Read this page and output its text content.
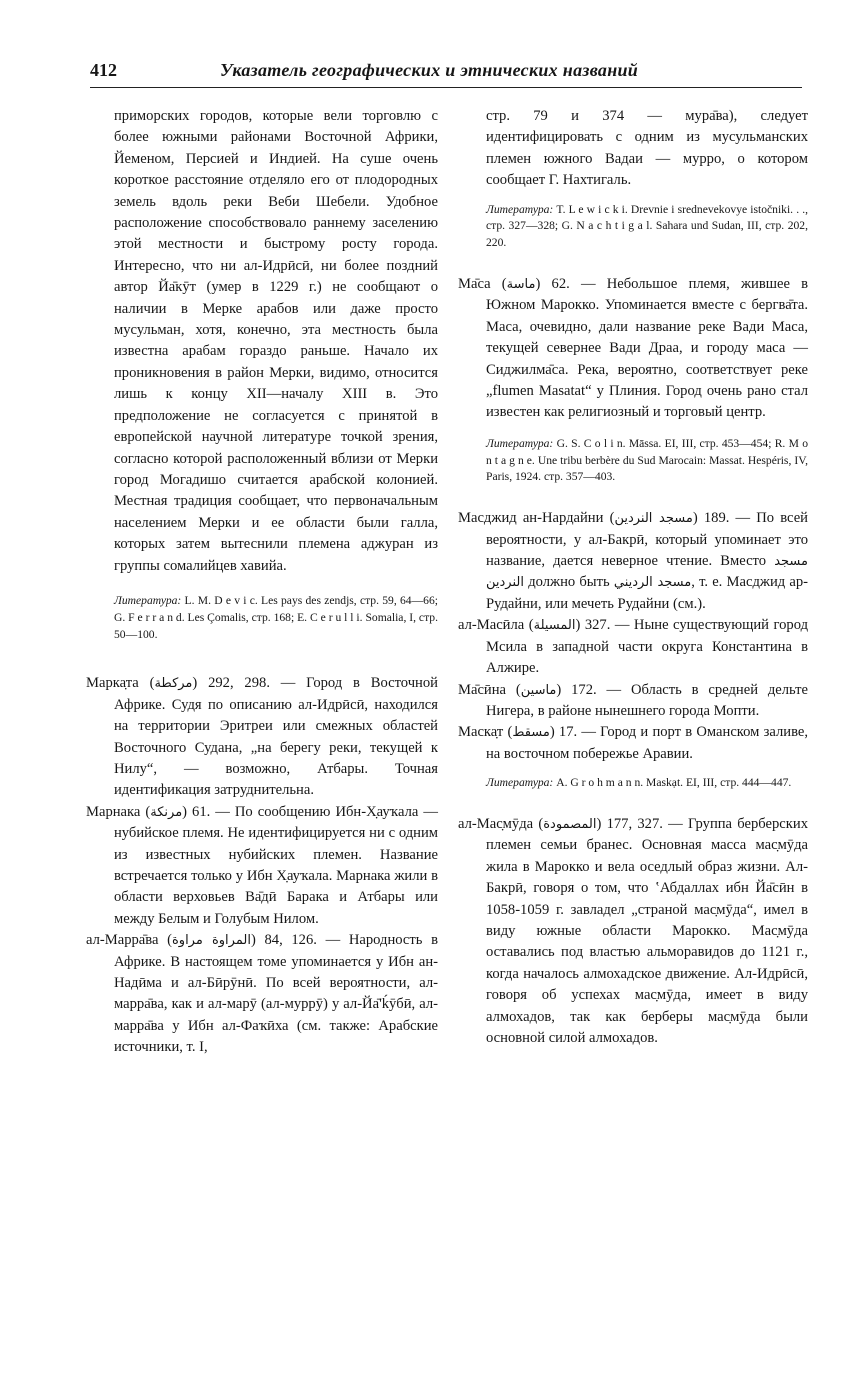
412	Указатель географических и этнических названий

приморских городов, которые вели торговлю с более южными районами Восточной Африки, Йеменом, Персией и Индией. На суше очень короткое расстояние отделяло его от плодородных земель вдоль реки Веби Шебели. Удобное расположение способствовало раннему заселению этой местности и быстрому росту города. Интересно, что ни ал-Идрӣсӣ, ни более поздний автор Йа̄кӯт (умер в 1229 г.) не сообщают о наличии в Мерке арабов или даже просто мусульман, хотя, конечно, эта местность была известна арабам гораздо раньше. Начало их проникновения в район Мерки, видимо, относится лишь к концу XII—началу XIII в. Это предположение не согласуется с принятой в европейской научной литературе точкой зрения, согласно которой расположенный вблизи от Мерки город Могадишо считается арабской колонией. Местная традиция сообщает, что первоначальным населением Мерки и ее области были галла, которых затем вытеснили племена аджуран из группы сомалийцев хавийа.

Литература: L. M. D e v i c. Les pays des zendjs, стр. 59, 64—66; G. F e r r a n d. Les Çomalis, стр. 168; E. C e r u l l i. Somalia, I, стр. 50—100.

Марка̣та (مركطة) 292, 298. — Город в Восточной Африке. Судя по описанию ал-Идрӣсӣ, находился на территории Эритреи или смежных областей Восточного Судана, „на берегу реки, текущей к Нилу“, — возможно, Атбары. Точная идентификация затруднительна.

Марнака (مرنكة) 61. — По сообщению Ибн-Х̣ауҡала — нубийское племя. Не идентифицируется ни с одним из известных нубийских племен. Название встречается только у Ибн Х̣ауҡала. Марнака жили в области верховьев Ва̄дӣ Барака и Атбары или между Белым и Голубым Нилом.

ал-Марра̄ва (المراوة مراوة) 84, 126. — Народность в Африке. В настоящем томе упоминается у Ибн ан-Надӣма и ал-Бӣрӯнӣ. По всей вероятности, ал-марра̄ва, как и ал-марӯ (ал-муррӯ) у ал-Йа̄'ḱӯбӣ, ал-марра̄ва у Ибн ал-Фаҡӣха (см. также: Арабские источники, т. I,

стр. 79 и 374 — мура̄ва), следует идентифицировать с одним из мусульманских племен южного Вадаи — мурро, о котором сообщает Г. Нахтигаль.

Литература: T. L e w i c k i. Drevnie i srednevekovye istočniki. . ., стр. 327—328; G. N a c h t i g a l. Sahara und Sudan, III, стр. 202, 220.

Ма̄са (ماسة) 62. — Небольшое племя, жившее в Южном Марокко. Упоминается вместе с бергва̄та. Маса, очевидно, дали название реке Вади Маса, текущей севернее Вади Драа, и городу маса — Сиджилма̄са. Река, вероятно, соответствует реке „flumen Masatat“ у Плиния. Город очень рано стал известен как религиозный и торговый центр.

Литература: G. S. C o l i n. Māssa. EI, III, стр. 453—454; R. M o n t a g n e. Une tribu berbère du Sud Marocain: Massat. Hespéris, IV, Paris, 1924. стр. 357—403.

Масджид ан-Нардайни (مسجد النردين) 189. — По всей вероятности, у ал-Бакрӣ, который упоминает это название, дается неверное чтение. Вместо مسجد النردين должно быть مسجد الرديني, т. е. Масджид ар-Рудайни, или мечеть Рудайни (см.).

ал-Масӣла (المسيلة) 327. — Ныне существующий город Мсила в западной части округа Константина в Алжире.

Ма̄сӣна (ماسين) 172. — Область в средней дельте Нигера, в районе нынешнего города Мопти.

Маска̣т (مسقط) 17. — Город и порт в Оманском заливе, на восточном побережье Аравии.

Литература: A. G r o h m a n n. Maskạt. EI, III, стр. 444—447.

ал-Мас̣мӯда (المصمودة) 177, 327. — Группа берберских племен семьи бранес. Основная масса мас̣мӯда жила в Марокко и вела оседлый образ жизни. Ал-Бакрӣ, говоря о том, что ʽАбдаллах ибн Йа̄сӣн в 1058-1059 г. завладел „страной мас̣мӯда“, имел в виду южные области Марокко. Мас̣мӯда оставались под властью альморавидов до 1121 г., когда началось алмохадское движение. Ал-Идрӣсӣ, говоря об успехах мас̣мӯда, имеет в виду алмохадов, так как берберы мас̣мӯда были основной силой алмохадов.
